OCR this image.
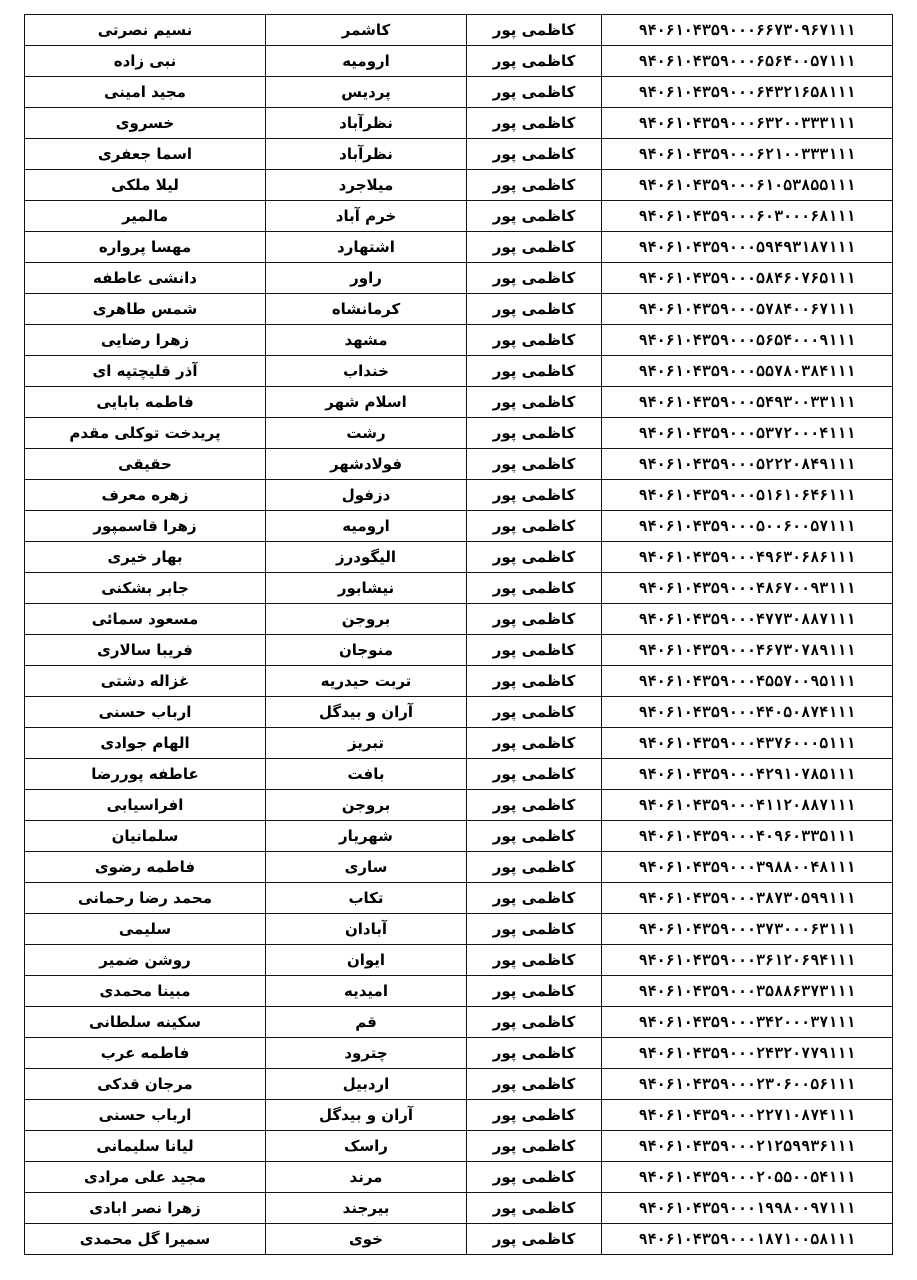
۹۴۰۶۱۰۴۳۵۹۰۰۰۶۶۷۳۰۹۶۷۱۱۱	کاظمی پور	کاشمر	نسیم نصرتی
۹۴۰۶۱۰۴۳۵۹۰۰۰۶۵۶۴۰۰۵۷۱۱۱	کاظمی پور	ارومیه	نبی زاده
۹۴۰۶۱۰۴۳۵۹۰۰۰۶۴۳۲۱۶۵۸۱۱۱	کاظمی پور	پردیس	مجید امینی
۹۴۰۶۱۰۴۳۵۹۰۰۰۶۳۲۰۰۳۳۳۱۱۱	کاظمی پور	نظرآباد	خسروی
۹۴۰۶۱۰۴۳۵۹۰۰۰۶۲۱۰۰۳۳۳۱۱۱	کاظمی پور	نظرآباد	اسما جعفری
۹۴۰۶۱۰۴۳۵۹۰۰۰۶۱۰۵۳۸۵۵۱۱۱	کاظمی پور	میلاجرد	لیلا ملکی
۹۴۰۶۱۰۴۳۵۹۰۰۰۶۰۳۰۰۰۶۸۱۱۱	کاظمی پور	خرم آباد	مالمیر
۹۴۰۶۱۰۴۳۵۹۰۰۰۵۹۴۹۳۱۸۷۱۱۱	کاظمی پور	اشتهارد	مهسا پرواره
۹۴۰۶۱۰۴۳۵۹۰۰۰۵۸۴۶۰۷۶۵۱۱۱	کاظمی پور	راور	دانشی عاطفه
۹۴۰۶۱۰۴۳۵۹۰۰۰۵۷۸۴۰۰۶۷۱۱۱	کاظمی پور	کرمانشاه	شمس طاهری
۹۴۰۶۱۰۴۳۵۹۰۰۰۵۶۵۴۰۰۰۹۱۱۱	کاظمی پور	مشهد	زهرا رضایی
۹۴۰۶۱۰۴۳۵۹۰۰۰۵۵۷۸۰۳۸۴۱۱۱	کاظمی پور	خنداب	آذر قلیچتپه ای
۹۴۰۶۱۰۴۳۵۹۰۰۰۵۴۹۳۰۰۳۳۱۱۱	کاظمی پور	اسلام شهر	فاطمه بابایی
۹۴۰۶۱۰۴۳۵۹۰۰۰۵۳۷۲۰۰۰۴۱۱۱	کاظمی پور	رشت	پریدخت توکلی مقدم
۹۴۰۶۱۰۴۳۵۹۰۰۰۵۲۲۲۰۸۴۹۱۱۱	کاظمی پور	فولادشهر	حقیقی
۹۴۰۶۱۰۴۳۵۹۰۰۰۵۱۶۱۰۶۴۶۱۱۱	کاظمی پور	دزفول	زهره معرف
۹۴۰۶۱۰۴۳۵۹۰۰۰۵۰۰۶۰۰۵۷۱۱۱	کاظمی پور	ارومیه	زهرا قاسمپور
۹۴۰۶۱۰۴۳۵۹۰۰۰۴۹۶۳۰۶۸۶۱۱۱	کاظمی پور	الیگودرز	بهار خیری
۹۴۰۶۱۰۴۳۵۹۰۰۰۴۸۶۷۰۰۹۳۱۱۱	کاظمی پور	نیشابور	جابر بشکنی
۹۴۰۶۱۰۴۳۵۹۰۰۰۴۷۷۳۰۸۸۷۱۱۱	کاظمی پور	بروجن	مسعود سمائی
۹۴۰۶۱۰۴۳۵۹۰۰۰۴۶۷۳۰۷۸۹۱۱۱	کاظمی پور	منوجان	فریبا سالاری
۹۴۰۶۱۰۴۳۵۹۰۰۰۴۵۵۷۰۰۹۵۱۱۱	کاظمی پور	تربت حیدریه	غزاله دشتی
۹۴۰۶۱۰۴۳۵۹۰۰۰۴۴۰۵۰۸۷۴۱۱۱	کاظمی پور	آران و بیدگل	ارباب حسنی
۹۴۰۶۱۰۴۳۵۹۰۰۰۴۳۷۶۰۰۰۵۱۱۱	کاظمی پور	تبریز	الهام جوادی
۹۴۰۶۱۰۴۳۵۹۰۰۰۴۲۹۱۰۷۸۵۱۱۱	کاظمی پور	بافت	عاطفه پوررضا
۹۴۰۶۱۰۴۳۵۹۰۰۰۴۱۱۲۰۸۸۷۱۱۱	کاظمی پور	بروجن	افراسیابی
۹۴۰۶۱۰۴۳۵۹۰۰۰۴۰۹۶۰۳۳۵۱۱۱	کاظمی پور	شهریار	سلمانیان
۹۴۰۶۱۰۴۳۵۹۰۰۰۳۹۸۸۰۰۴۸۱۱۱	کاظمی پور	ساری	فاطمه رضوی
۹۴۰۶۱۰۴۳۵۹۰۰۰۳۸۷۳۰۵۹۹۱۱۱	کاظمی پور	تکاب	محمد رضا رحمانی
۹۴۰۶۱۰۴۳۵۹۰۰۰۳۷۳۰۰۰۶۳۱۱۱	کاظمی پور	آبادان	سلیمی
۹۴۰۶۱۰۴۳۵۹۰۰۰۳۶۱۲۰۶۹۴۱۱۱	کاظمی پور	ایوان	روشن ضمیر
۹۴۰۶۱۰۴۳۵۹۰۰۰۳۵۸۸۶۳۷۳۱۱۱	کاظمی پور	امیدیه	مبینا محمدی
۹۴۰۶۱۰۴۳۵۹۰۰۰۳۴۲۰۰۰۳۷۱۱۱	کاظمی پور	قم	سکینه سلطانی
۹۴۰۶۱۰۴۳۵۹۰۰۰۲۴۳۲۰۷۷۹۱۱۱	کاظمی پور	چترود	فاطمه عرب
۹۴۰۶۱۰۴۳۵۹۰۰۰۲۳۰۶۰۰۵۶۱۱۱	کاظمی پور	اردبیل	مرجان قدکی
۹۴۰۶۱۰۴۳۵۹۰۰۰۲۲۷۱۰۸۷۴۱۱۱	کاظمی پور	آران و بیدگل	ارباب حسنی
۹۴۰۶۱۰۴۳۵۹۰۰۰۲۱۲۵۹۹۳۶۱۱۱	کاظمی پور	راسک	لیانا سلیمانی
۹۴۰۶۱۰۴۳۵۹۰۰۰۲۰۵۵۰۰۵۴۱۱۱	کاظمی پور	مرند	مجید علی مرادی
۹۴۰۶۱۰۴۳۵۹۰۰۰۱۹۹۸۰۰۹۷۱۱۱	کاظمی پور	بیرجند	زهرا نصر ابادی
۹۴۰۶۱۰۴۳۵۹۰۰۰۱۸۷۱۰۰۵۸۱۱۱	کاظمی پور	خوی	سمیرا گل محمدی
